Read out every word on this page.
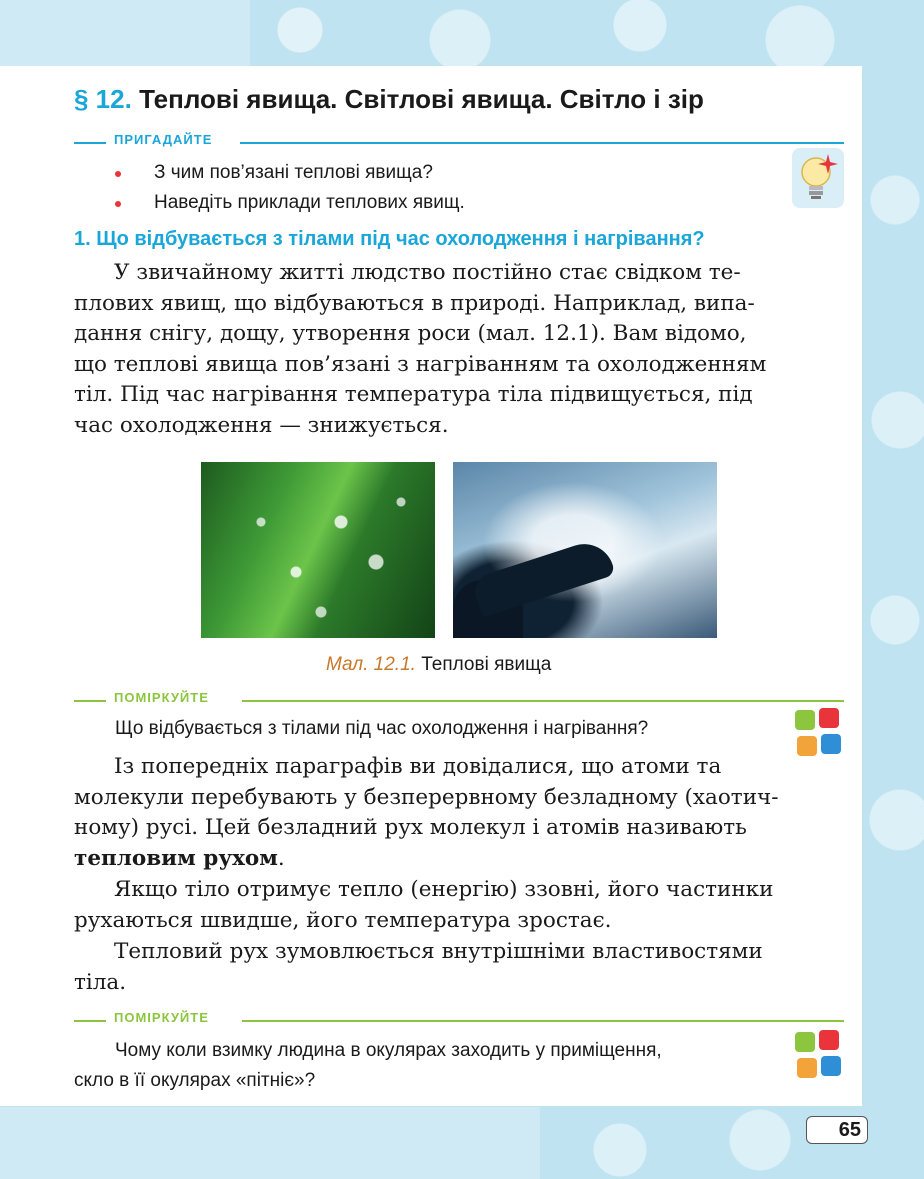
§ 12. Теплові явища. Світлові явища. Світло і зір
ПРИГАДАЙТЕ
З чим пов’язані теплові явища?
Наведіть приклади теплових явищ.
1. Що відбувається з тілами під час охолодження і нагрівання?
У звичайному житті людство постійно стає свідком те-
плових явищ, що відбуваються в природі. Наприклад, випа-
дання снігу, дощу, утворення роси (мал. 12.1). Вам відомо,
що теплові явища пов’язані з нагріванням та охолодженням
тіл. Під час нагрівання температура тіла підвищується, під
час охолодження — знижується.
Мал. 12.1. Теплові явища
ПОМІРКУЙТЕ
Що відбувається з тілами під час охолодження і нагрівання?
Із попередніх параграфів ви довідалися, що атоми та
молекули перебувають у безперервному безладному (хаотич-
ному) русі. Цей безладний рух молекул і атомів називають
тепловим рухом.
Якщо тіло отримує тепло (енергію) ззовні, його частинки
рухаються швидше, його температура зростає.
Тепловий рух зумовлюється внутрішніми властивостями
тіла.
ПОМІРКУЙТЕ
Чому коли взимку людина в окулярах заходить у приміщення,
скло в її окулярах «пітніє»?
65
